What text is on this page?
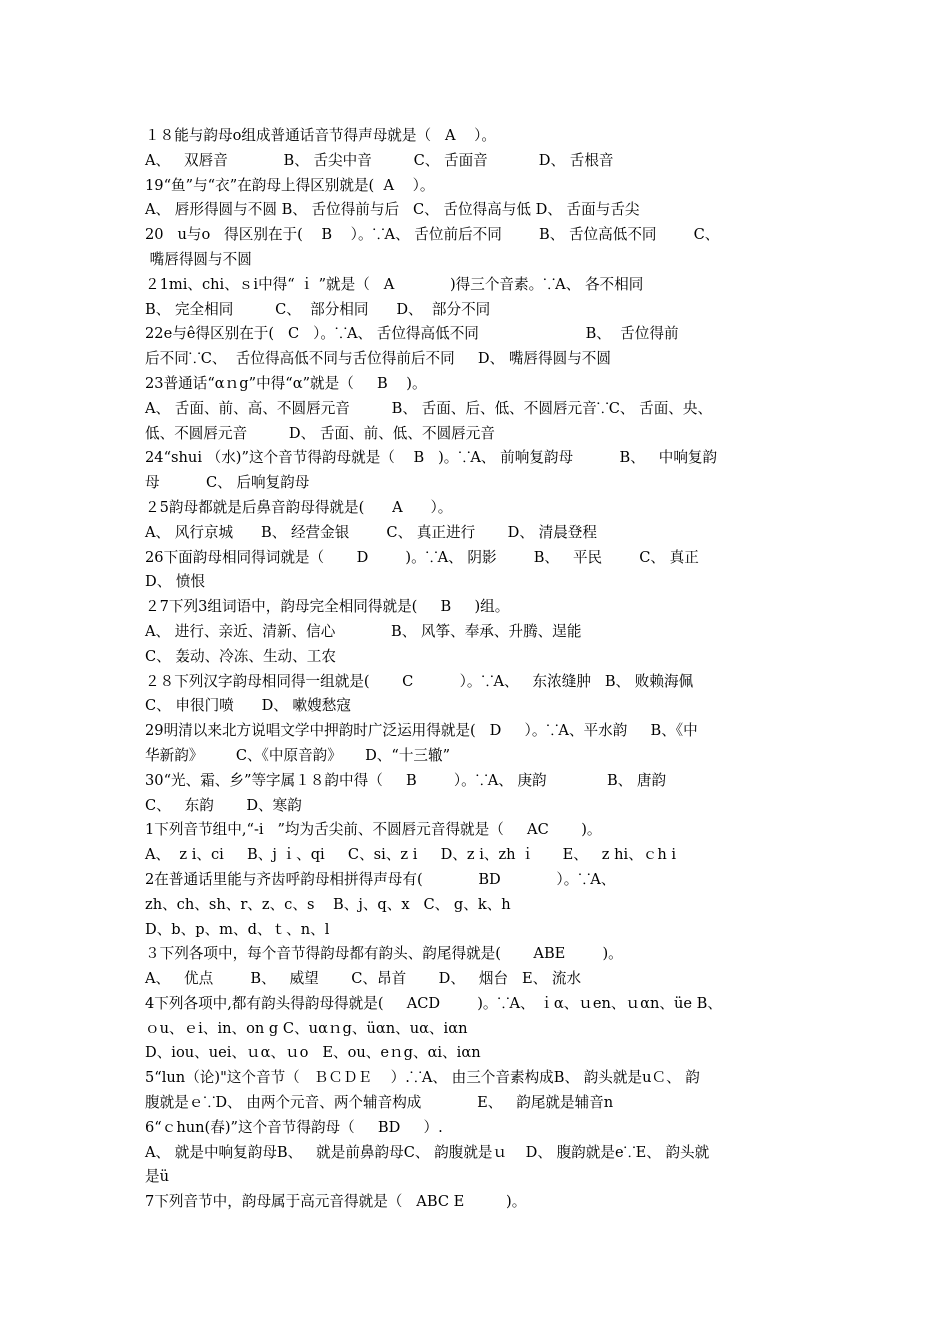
１８能与韵母o组成普通话音节得声母就是（   A    ）。
A、   双唇音            B、 舌尖中音         C、 舌面音           D、 舌根音
19“鱼”与“衣”在韵母上得区别就是(  A    ）。
A、 唇形得圆与不圆 B、 舌位得前与后   C、 舌位得高与低 D、 舌面与舌尖
20   u与o   得区别在于(    B    ）。⸪A、 舌位前后不同        B、 舌位高低不同        C、
嘴唇得圆与不圆
２1mi、chi、ｓi中得“ ｉ ”就是（   A            )得三个音素。⸪A、 各不相同
B、 完全相同         C、  部分相同      D、  部分不同
22e与ê得区别在于(   C   ）。⸪A、 舌位得高低不同                       B、  舌位得前
后不同⸪C、  舌位得高低不同与舌位得前后不同     D、 嘴唇得圆与不圆
23普通话“αｎg”中得“α”就是（     B    )。
A、 舌面、前、高、不圆唇元音         B、 舌面、后、低、不圆唇元音⸪C、 舌面、央、
低、不圆唇元音         D、 舌面、前、低、不圆唇元音
24“shui （水)”这个音节得韵母就是（    B   )。⸪A、 前响复韵母          B、   中响复韵
母          C、 后响复韵母
２5韵母都就是后鼻音韵母得就是(      A      ）。
A、 风行京城      B、 经营金银        C、 真正进行       D、 清晨登程
26下面韵母相同得词就是（       D        )。⸪A、 阴影        B、   平民        C、 真正
D、 愤恨
２7下列3组词语中，韵母完全相同得就是(     B     )组。
A、 进行、亲近、清新、信心            B、 风筝、奉承、升腾、逞能
C、 轰动、冷冻、生动、工农
２８下列汉字韵母相同得一组就是(       C          ）。⸪A、   东浓缝肿   B、 败赖海佩
C、 申很门喷      D、 嗽嫂愁寇
29明清以来北方说唱文学中押韵时广泛运用得就是(   D     ）。⸪A、平水韵     B、《中
华新韵》       C、《中原音韵》     D、“十三辙”
30“光、霜、乡”等字属１８韵中得（     B        ）。⸪A、 庚韵             B、 唐韵
C、   东韵       D、寒韵
1下列音节组中,“-i   ”均为舌尖前、不圆唇元音得就是（     AC       )。
A、  z i、ci     B、j ｉ、qi     C、si、z i     D、z i、zh ｉ      E、   z hi、ｃh i
2在普通话里能与齐齿呼韵母相拼得声母有(            BD            ）。⸪A、
zh、ch、sh、r、z、c、s    B、j、q、x   C、 g、k、h
D、b、p、m、d、ｔ、n、l
３下列各项中，每个音节得韵母都有韵头、韵尾得就是(       ABE        )。
A、   优点        B、   威望       C、昂首       D、   烟台   E、 流水
4下列各项中,都有韵头得韵母得就是(     ACD        )。⸪A、 ｉα、ｕen、ｕαn、üe B、
ｏu、ｅi、in、on g C、uαｎg、üαn、uα、iαn
D、iou、uei、ｕα、ｕo   E、ou、eｎg、αi、iαn
5“lun（论)"这个音节（   ＢＣＤＥ    ）.⸪A、 由三个音素构成B、 韵头就是uＣ、 韵
腹就是ｅ⸪D、 由两个元音、两个辅音构成            E、   韵尾就是辅音n
6“ｃhun(春)”这个音节得韵母（     BD     ）.
A、 就是中响复韵母B、   就是前鼻韵母C、 韵腹就是ｕ    D、 腹韵就是e⸪E、 韵头就
是ü
7下列音节中，韵母属于高元音得就是（   ABC E         )。
